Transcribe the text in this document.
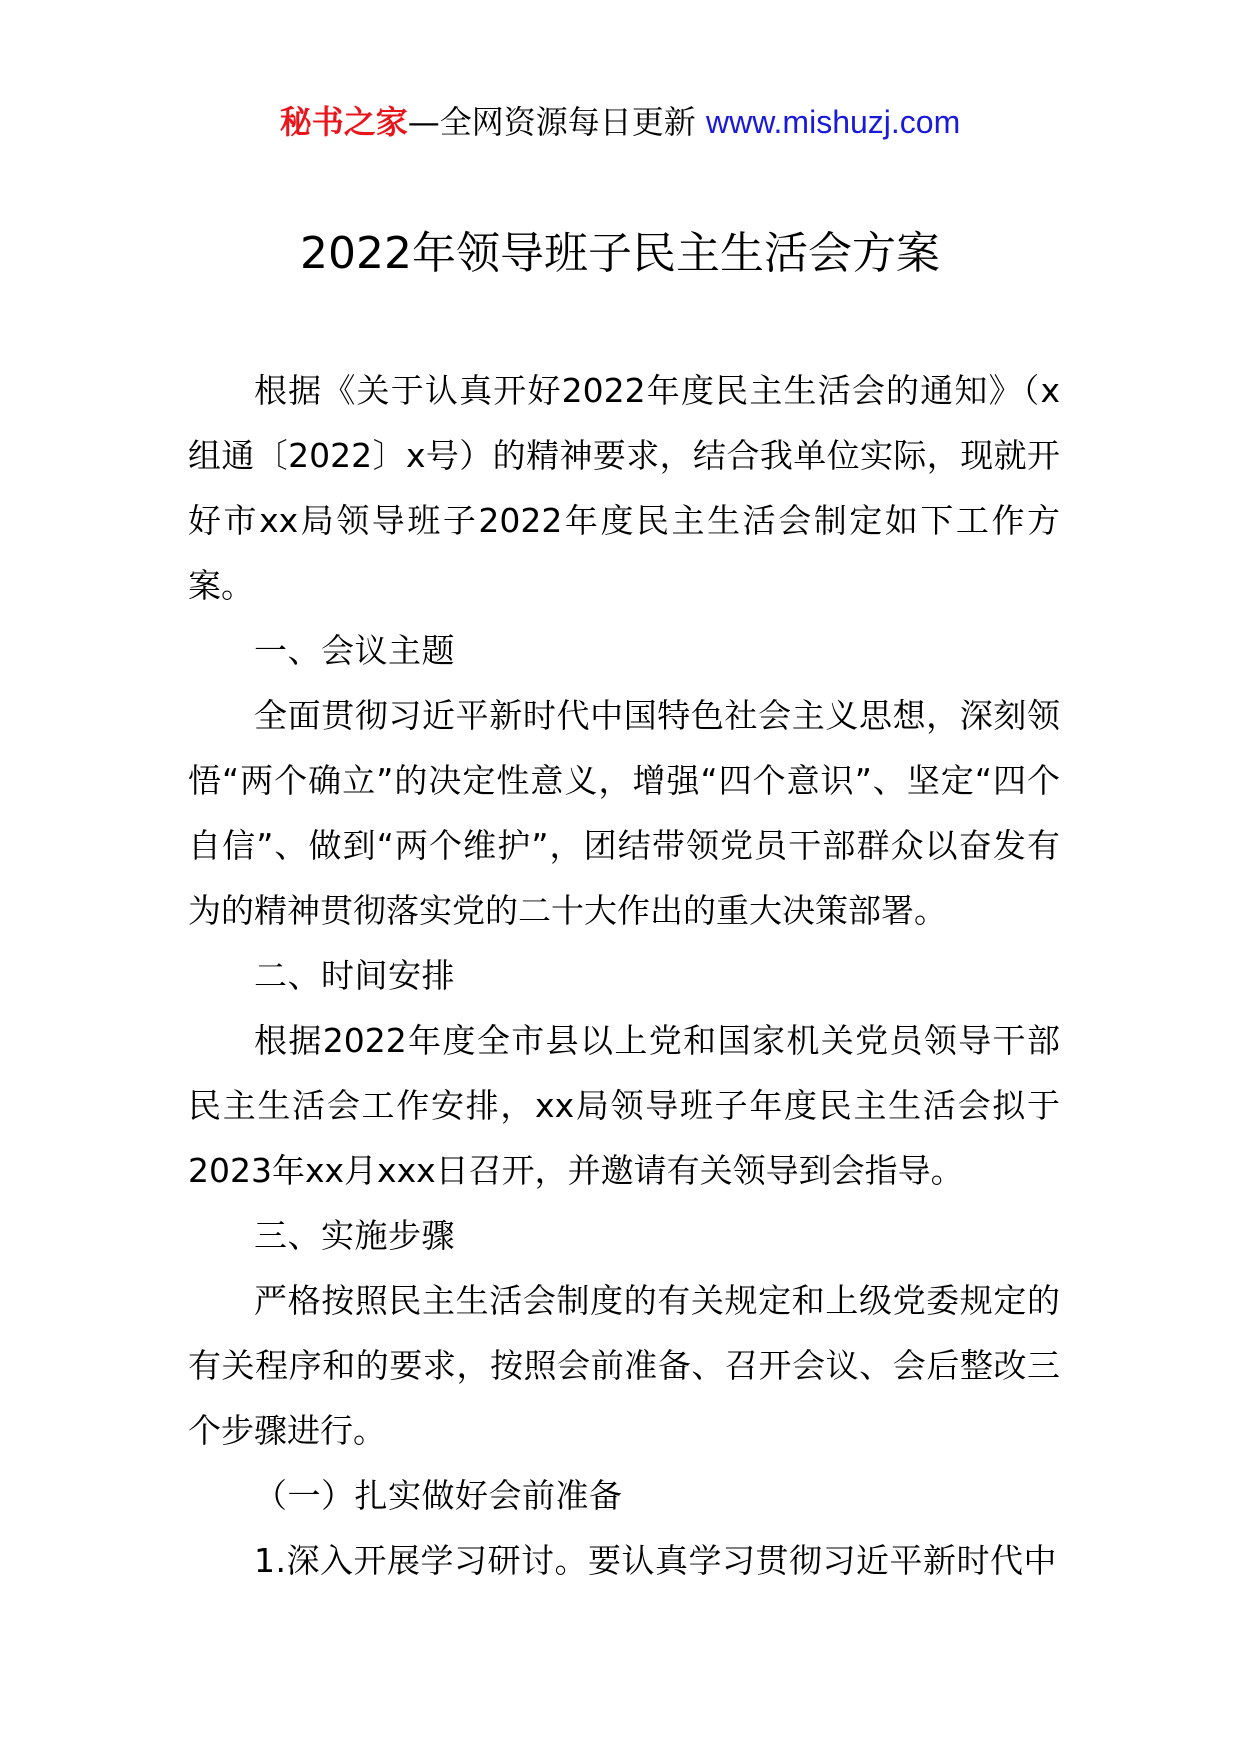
秘书之家—全网资源每日更新 www.mishuzj.com
2022年领导班子民主生活会方案

根据《关于认真开好2022年度民主生活会的通知》（x组通〔2022〕x号）的精神要求，结合我单位实际，现就开好市xx局领导班子2022年度民主生活会制定如下工作方案。

一、会议主题

全面贯彻习近平新时代中国特色社会主义思想，深刻领悟“两个确立”的决定性意义，增强“四个意识”、坚定“四个自信”、做到“两个维护”，团结带领党员干部群众以奋发有为的精神贯彻落实党的二十大作出的重大决策部署。

二、时间安排

根据2022年度全市县以上党和国家机关党员领导干部民主生活会工作安排，xx局领导班子年度民主生活会拟于2023年xx月xxx日召开，并邀请有关领导到会指导。

三、实施步骤

严格按照民主生活会制度的有关规定和上级党委规定的有关程序和的要求，按照会前准备、召开会议、会后整改三个步骤进行。

（一）扎实做好会前准备

1.深入开展学习研讨。要认真学习贯彻习近平新时代中
